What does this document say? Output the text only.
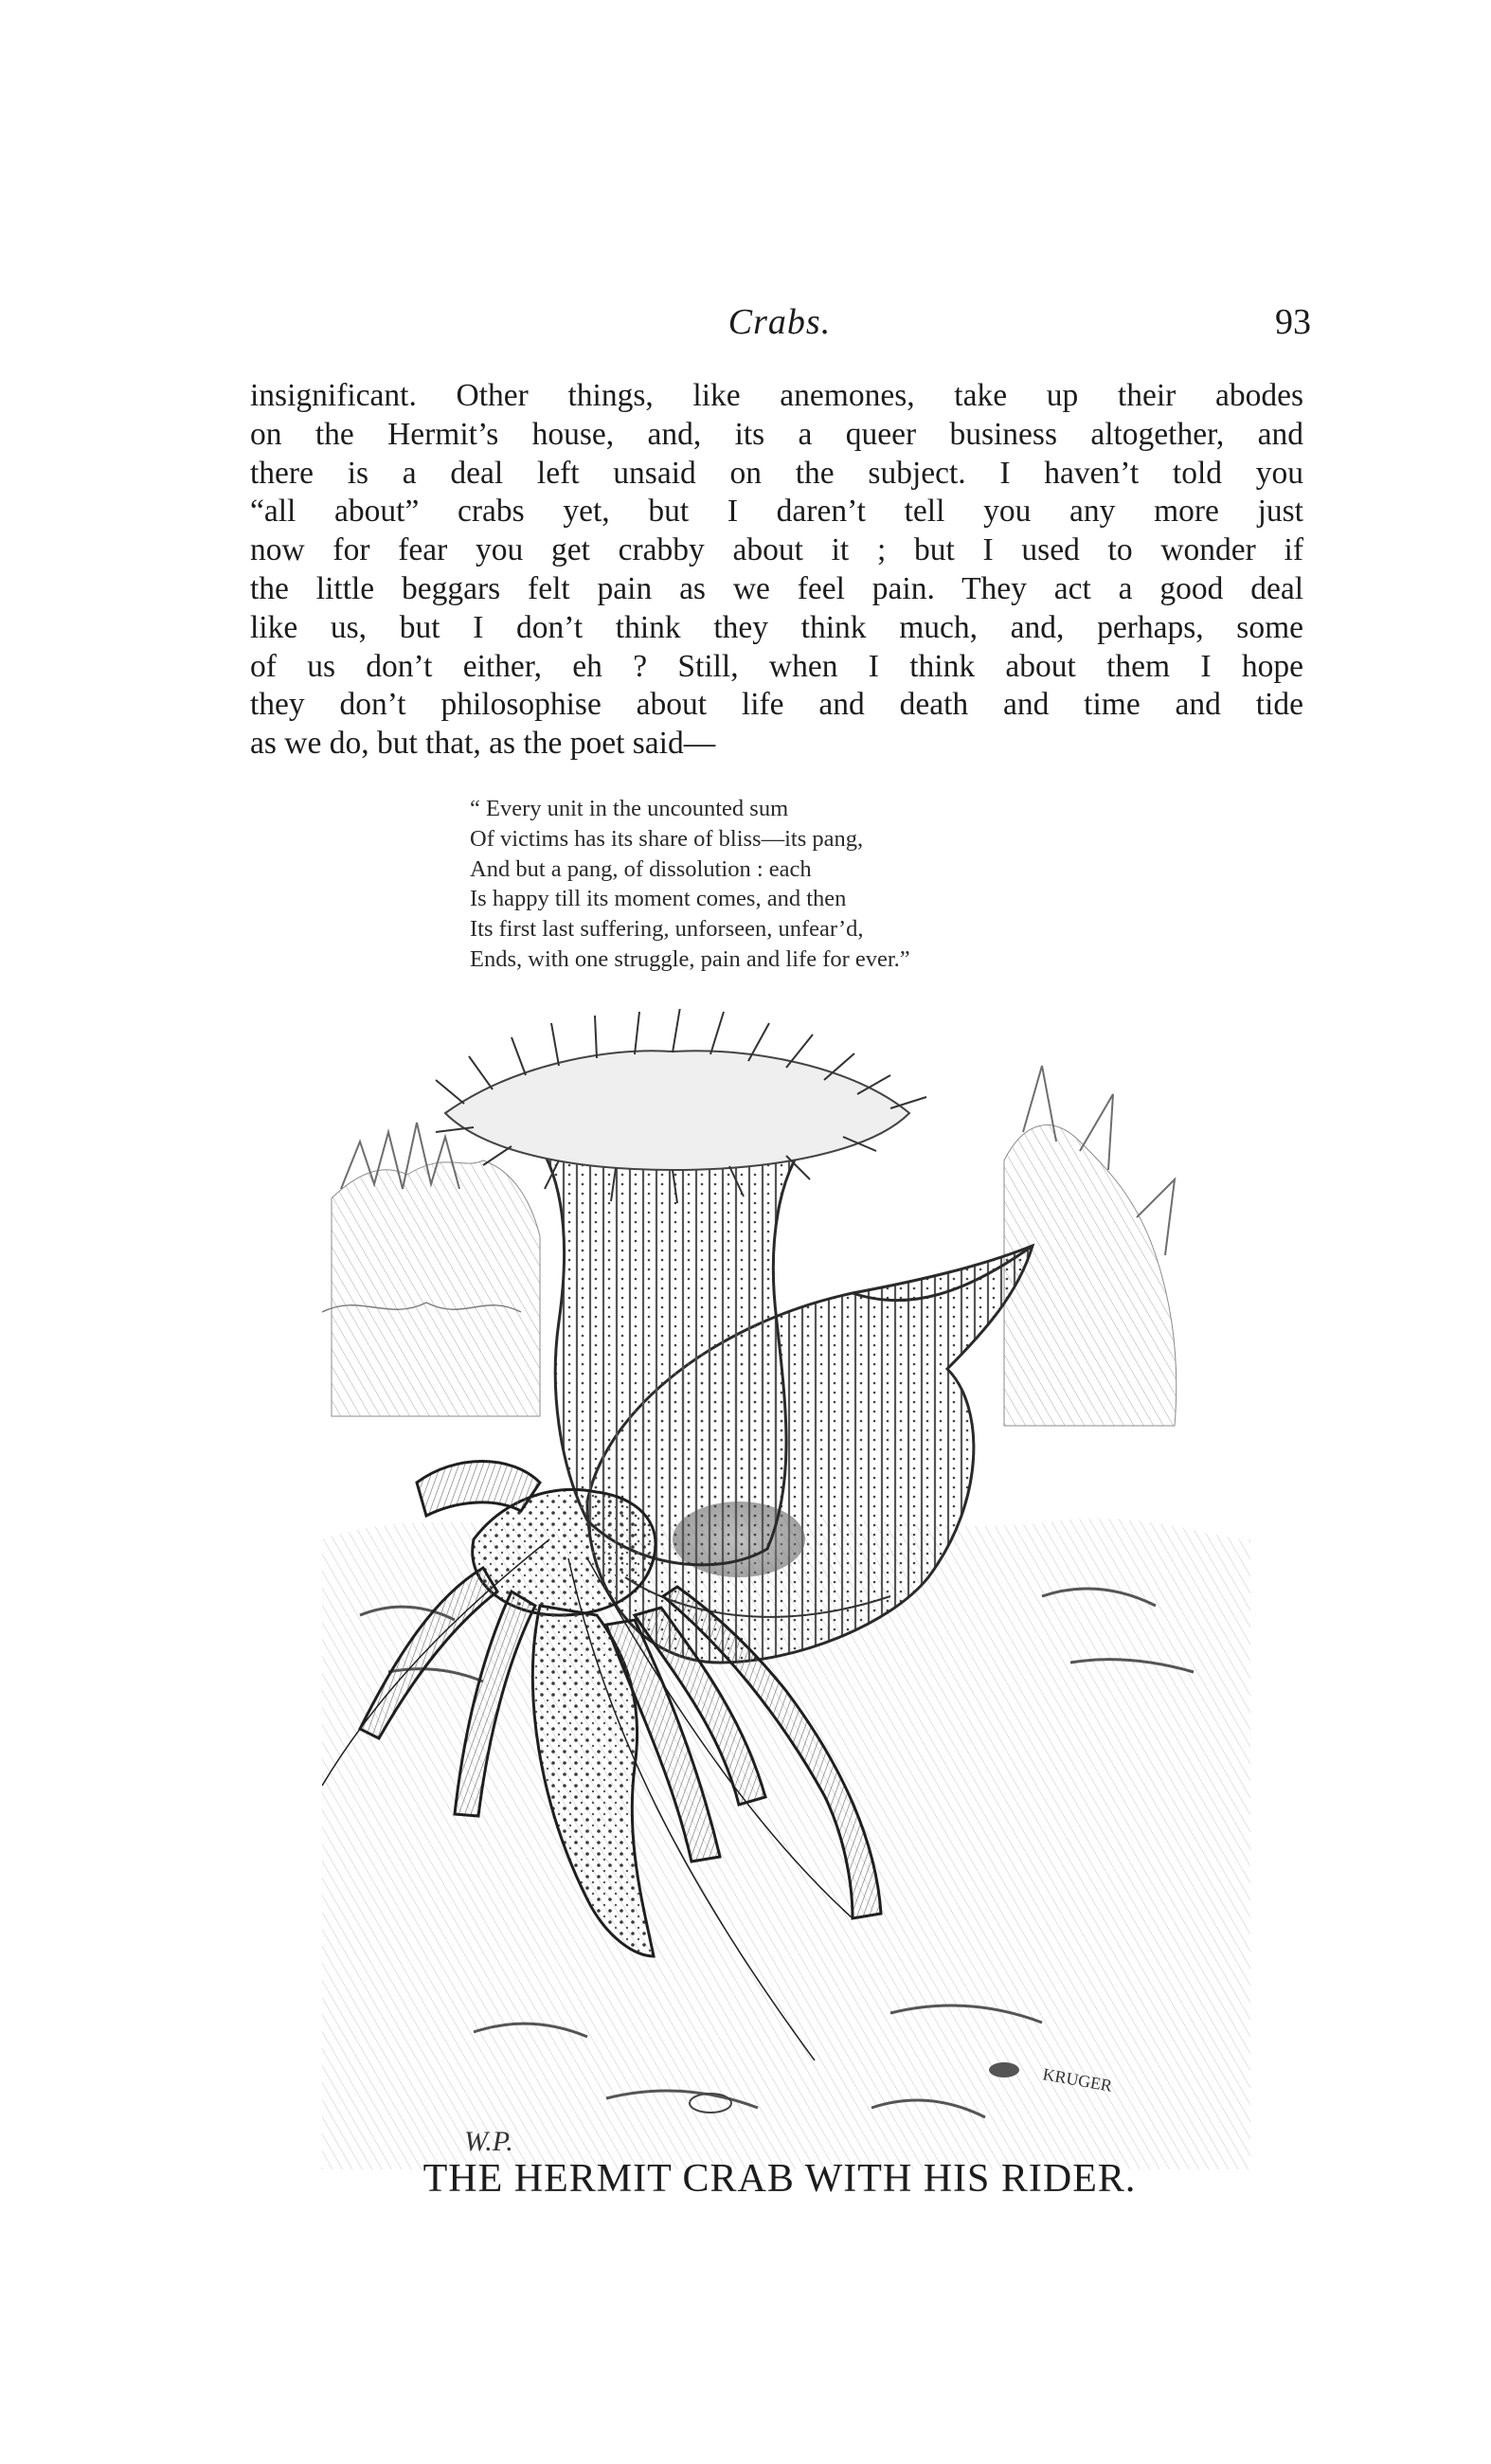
Crabs.	93
insignificant. Other things, like anemones, take up their abodes
on the Hermit’s house, and, its a queer business altogether, and
there is a deal left unsaid on the subject. I haven’t told you
“all about” crabs yet, but I daren’t tell you any more just
now for fear you get crabby about it ; but I used to wonder if
the little beggars felt pain as we feel pain. They act a good deal
like us, but I don’t think they think much, and, perhaps, some
of us don’t either, eh ? Still, when I think about them I hope
they don’t philosophise about life and death and time and tide
as we do, but that, as the poet said—
“ Every unit in the uncounted sum
Of victims has its share of bliss—its pang,
And but a pang, of dissolution : each
Is happy till its moment comes, and then
Its first last suffering, unforseen, unfear’d,
Ends, with one struggle, pain and life for ever.”
W.P.
KRUGER
THE HERMIT CRAB WITH HIS RIDER.
